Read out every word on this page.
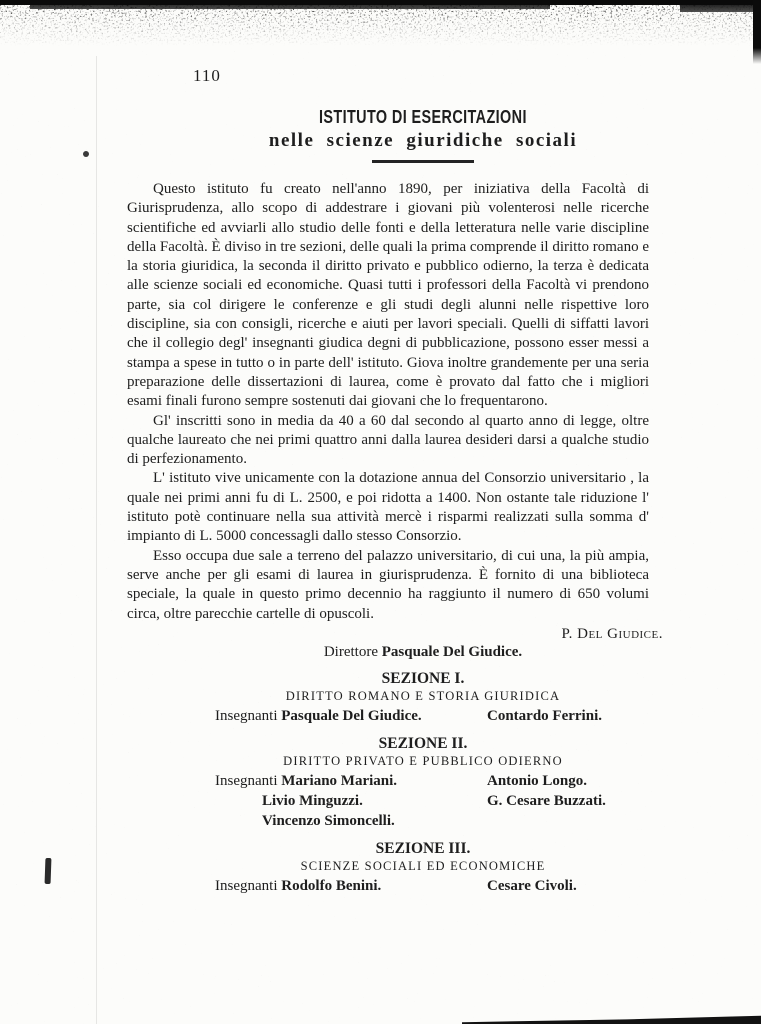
110
ISTITUTO DI ESERCITAZIONI
nelle scienze giuridiche sociali

Questo istituto fu creato nell'anno 1890, per iniziativa della Facoltà di Giurisprudenza, allo scopo di addestrare i giovani più volenterosi nelle ricerche scientifiche ed avviarli allo studio delle fonti e della letteratura nelle varie discipline della Facoltà. È diviso in tre sezioni, delle quali la prima comprende il diritto romano e la storia giuridica, la seconda il diritto privato e pubblico odierno, la terza è dedicata alle scienze sociali ed economiche. Quasi tutti i professori della Facoltà vi prendono parte, sia col dirigere le conferenze e gli studi degli alunni nelle rispettive loro discipline, sia con consigli, ricerche e aiuti per lavori speciali. Quelli di siffatti lavori che il collegio degl' insegnanti giudica degni di pubblicazione, possono esser messi a stampa a spese in tutto o in parte dell' istituto. Giova inoltre grandemente per una seria preparazione delle dissertazioni di laurea, come è provato dal fatto che i migliori esami finali furono sempre sostenuti dai giovani che lo frequentarono.

Gl' inscritti sono in media da 40 a 60 dal secondo al quarto anno di legge, oltre qualche laureato che nei primi quattro anni dalla laurea desideri darsi a qualche studio di perfezionamento.

L' istituto vive unicamente con la dotazione annua del Consorzio universitario , la quale nei primi anni fu di L. 2500, e poi ridotta a 1400. Non ostante tale riduzione l' istituto potè continuare nella sua attività mercè i risparmi realizzati sulla somma d' impianto di L. 5000 concessagli dallo stesso Consorzio.

Esso occupa due sale a terreno del palazzo universitario, di cui una, la più ampia, serve anche per gli esami di laurea in giurisprudenza. È fornito di una biblioteca speciale, la quale in questo primo decennio ha raggiunto il numero di 650 volumi circa, oltre parecchie cartelle di opuscoli.

P. Del Giudice.
Direttore Pasquale Del Giudice.
SEZIONE I.
DIRITTO ROMANO E STORIA GIURIDICA
Insegnanti Pasquale Del Giudice.	Contardo Ferrini.
SEZIONE II.
DIRITTO PRIVATO E PUBBLICO ODIERNO
Insegnanti Mariano Mariani.	Antonio Longo.
Livio Minguzzi.	G. Cesare Buzzati.
Vincenzo Simoncelli.
SEZIONE III.
SCIENZE SOCIALI ED ECONOMICHE
Insegnanti Rodolfo Benini.	Cesare Civoli.
